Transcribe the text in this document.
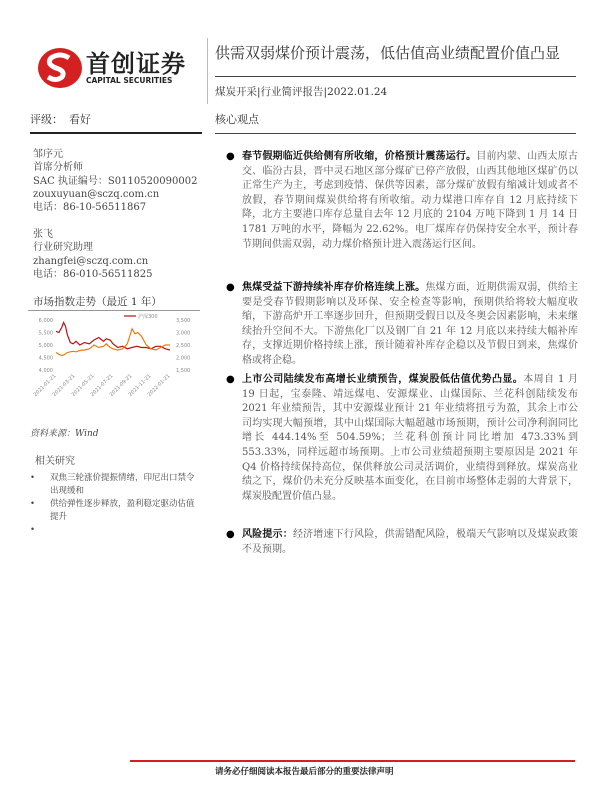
首创证券
CAPITAL SECURITIES
供需双弱煤价预计震荡，低估值高业绩配置价值凸显
煤炭开采|行业简评报告|2022.01.24
评级： 看好	核心观点
邹序元
首席分析师
SAC 执证编号：S0110520090002
zouxuyuan@sczq.com.cn
电话：86-10-56511867
张飞
行业研究助理
zhangfei@sczq.com.cn
电话：86-010-56511825
市场指数走势（最近 1 年）
4,000
4,500
5,000
5,500
6,000
1,500
2,000
2,500
3,000
3,500
2021-01-21
2021-03-21
2021-05-21
2021-07-21
2021-09-21
2021-11-21
2022-01-21
沪深300
资料来源：Wind
相关研究
•	双焦三轮涨价提振情绪，印尼出口禁令出现缓和
•	供给弹性逐步释放，盈利稳定驱动估值提升
•
● 春节假期临近供给侧有所收缩，价格预计震荡运行。目前内蒙、山西太原古交、临汾古县，晋中灵石地区部分煤矿已停产放假，山西其他地区煤矿仍以正常生产为主，考虑到疫情、保供等因素，部分煤矿放假有缩减计划或者不放假，春节期间煤炭供给将有所收缩。动力煤港口库存自 12 月底持续下降，北方主要港口库存总量自去年 12 月底的 2104 万吨下降到 1 月 14 日 1781 万吨的水平，降幅为 22.62%。电厂煤库存仍保持安全水平，预计春节期间供需双弱，动力煤价格预计进入震荡运行区间。
● 焦煤受益下游持续补库存价格连续上涨。焦煤方面，近期供需双弱，供给主要是受春节假期影响以及环保、安全检查等影响，预期供给将较大幅度收缩，下游高炉开工率逐步回升，但预期受假日以及冬奥会因素影响，未来继续抬升空间不大。下游焦化厂以及钢厂自 21 年 12 月底以来持续大幅补库存，支撑近期价格持续上涨，预计随着补库存企稳以及节假日到来，焦煤价格或将企稳。
● 上市公司陆续发布高增长业绩预告，煤炭股低估值优势凸显。本周自 1 月 19 日起，宝泰隆、靖远煤电、安源煤业、山煤国际、兰花科创陆续发布 2021 年业绩预告，其中安源煤业预计 21 年业绩将扭亏为盈，其余上市公司均实现大幅预增，其中山煤国际大幅超越市场预期，预计公司净利润同比增长 444.14%至 504.59%；兰花科创预计同比增加 473.33%到 553.33%，同样远超市场预期。上市公司业绩超预期主要原因是 2021 年 Q4 价格持续保持高位，保供释放公司灵活调价，业绩得到释放。煤炭高业绩之下，煤价仍未充分反映基本面变化，在目前市场整体走弱的大背景下，煤炭股配置价值凸显。
● 风险提示：经济增速下行风险，供需错配风险，极端天气影响以及煤炭政策不及预期。
请务必仔细阅读本报告最后部分的重要法律声明
